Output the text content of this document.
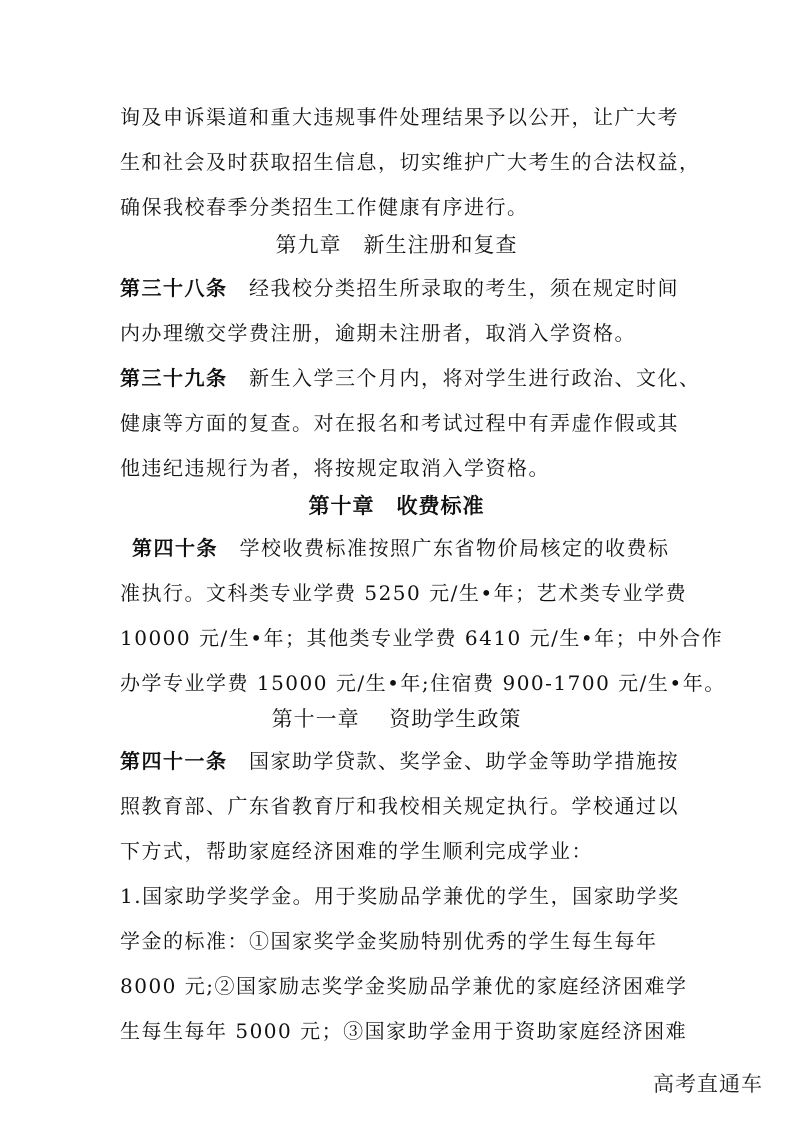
询及申诉渠道和重大违规事件处理结果予以公开，让广大考
生和社会及时获取招生信息，切实维护广大考生的合法权益，
确保我校春季分类招生工作健康有序进行。
第九章　新生注册和复查
第三十八条　经我校分类招生所录取的考生，须在规定时间
内办理缴交学费注册，逾期未注册者，取消入学资格。
第三十九条　新生入学三个月内，将对学生进行政治、文化、
健康等方面的复查。对在报名和考试过程中有弄虚作假或其
他违纪违规行为者，将按规定取消入学资格。
第十章　收费标准
第四十条　学校收费标准按照广东省物价局核定的收费标
准执行。文科类专业学费 5250 元/生•年；艺术类专业学费
10000 元/生•年；其他类专业学费 6410 元/生•年；中外合作
办学专业学费 15000 元/生•年;住宿费 900-1700 元/生•年。
第十一章　 资助学生政策
第四十一条　国家助学贷款、奖学金、助学金等助学措施按
照教育部、广东省教育厅和我校相关规定执行。学校通过以
下方式，帮助家庭经济困难的学生顺利完成学业：
1.国家助学奖学金。用于奖励品学兼优的学生，国家助学奖
学金的标准：①国家奖学金奖励特别优秀的学生每生每年
8000 元;②国家励志奖学金奖励品学兼优的家庭经济困难学
生每生每年 5000 元；③国家助学金用于资助家庭经济困难
高考直通车
